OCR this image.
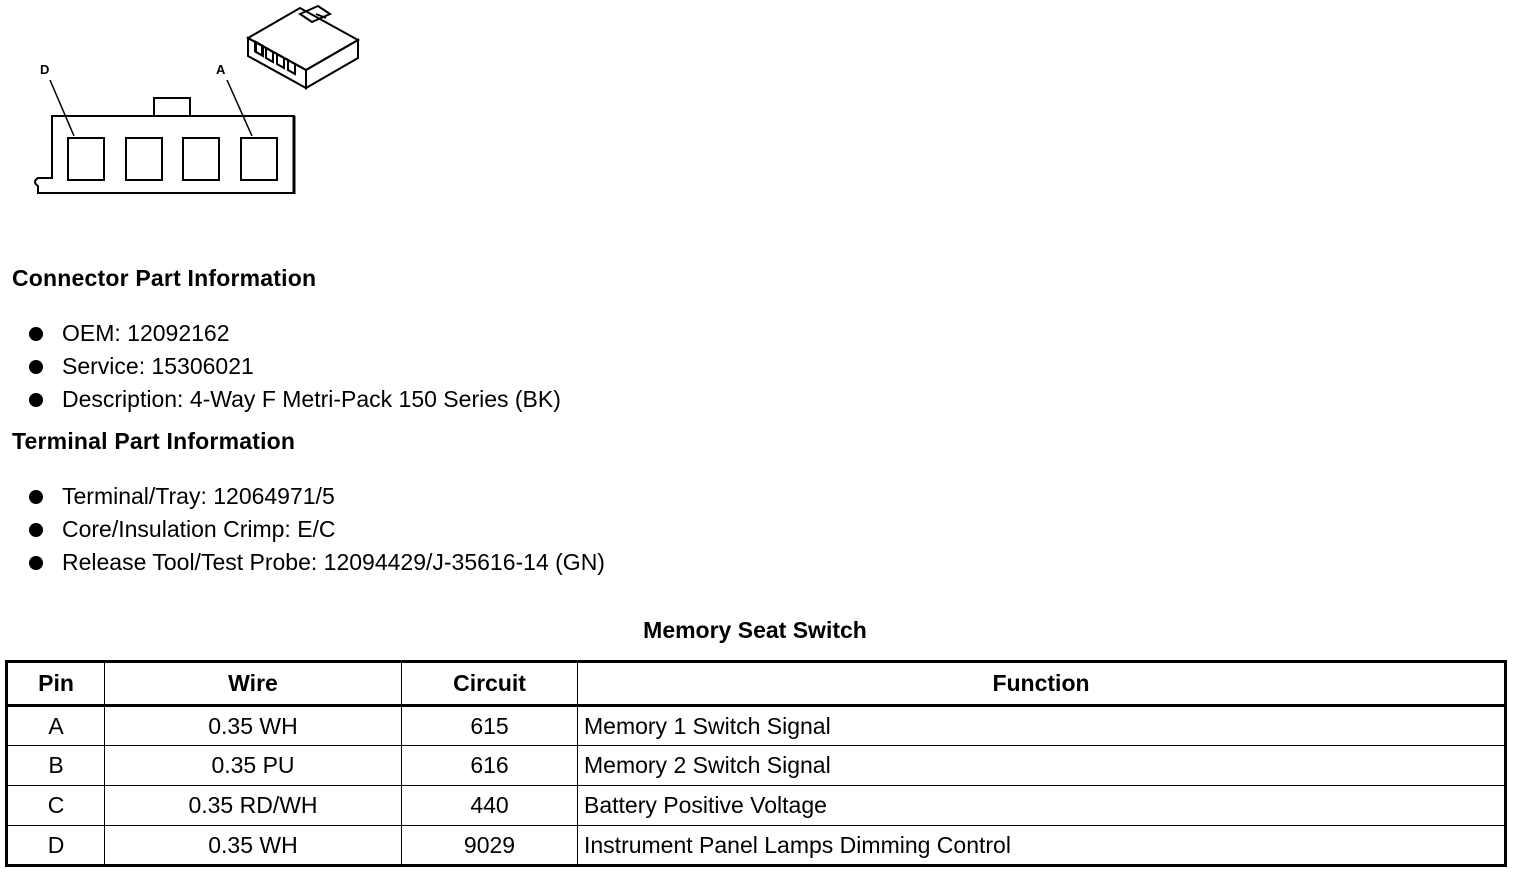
D	A
Connector Part Information
OEM: 12092162
Service: 15306021
Description: 4-Way F Metri-Pack 150 Series (BK)
Terminal Part Information
Terminal/Tray: 12064971/5
Core/Insulation Crimp: E/C
Release Tool/Test Probe: 12094429/J-35616-14 (GN)
Memory Seat Switch
Pin	Wire	Circuit	Function
A	0.35 WH	615	Memory 1 Switch Signal
B	0.35 PU	616	Memory 2 Switch Signal
C	0.35 RD/WH	440	Battery Positive Voltage
D	0.35 WH	9029	Instrument Panel Lamps Dimming Control
